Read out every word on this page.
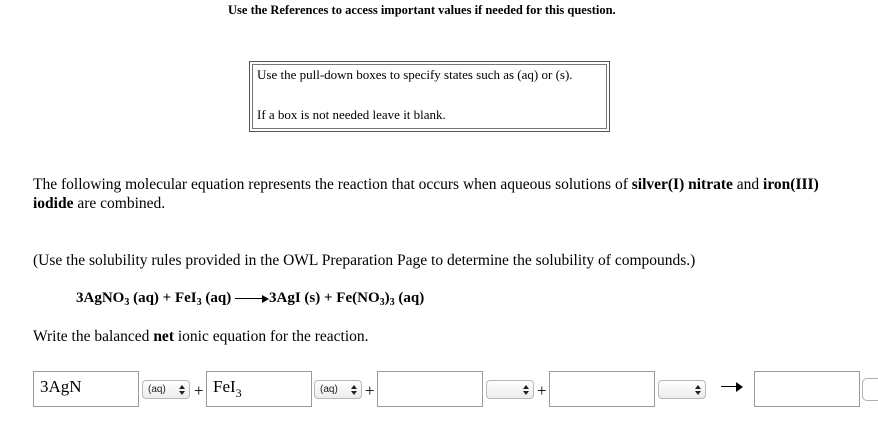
Use the References to access important values if needed for this question.
Use the pull-down boxes to specify states such as (aq) or (s).
If a box is not needed leave it blank.
The following molecular equation represents the reaction that occurs when aqueous solutions of silver(I) nitrate and iron(III) iodide are combined.
(Use the solubility rules provided in the OWL Preparation Page to determine the solubility of compounds.)
3AgNO$_3$ (aq) + FeI$_3$ (aq) 3AgI $(s) + Fe(NO_3)_3$ (aq)
Write the balanced net ionic equation for the reaction.
3AgN	(aq)	+ FeI$_3$	(aq)	+	+
